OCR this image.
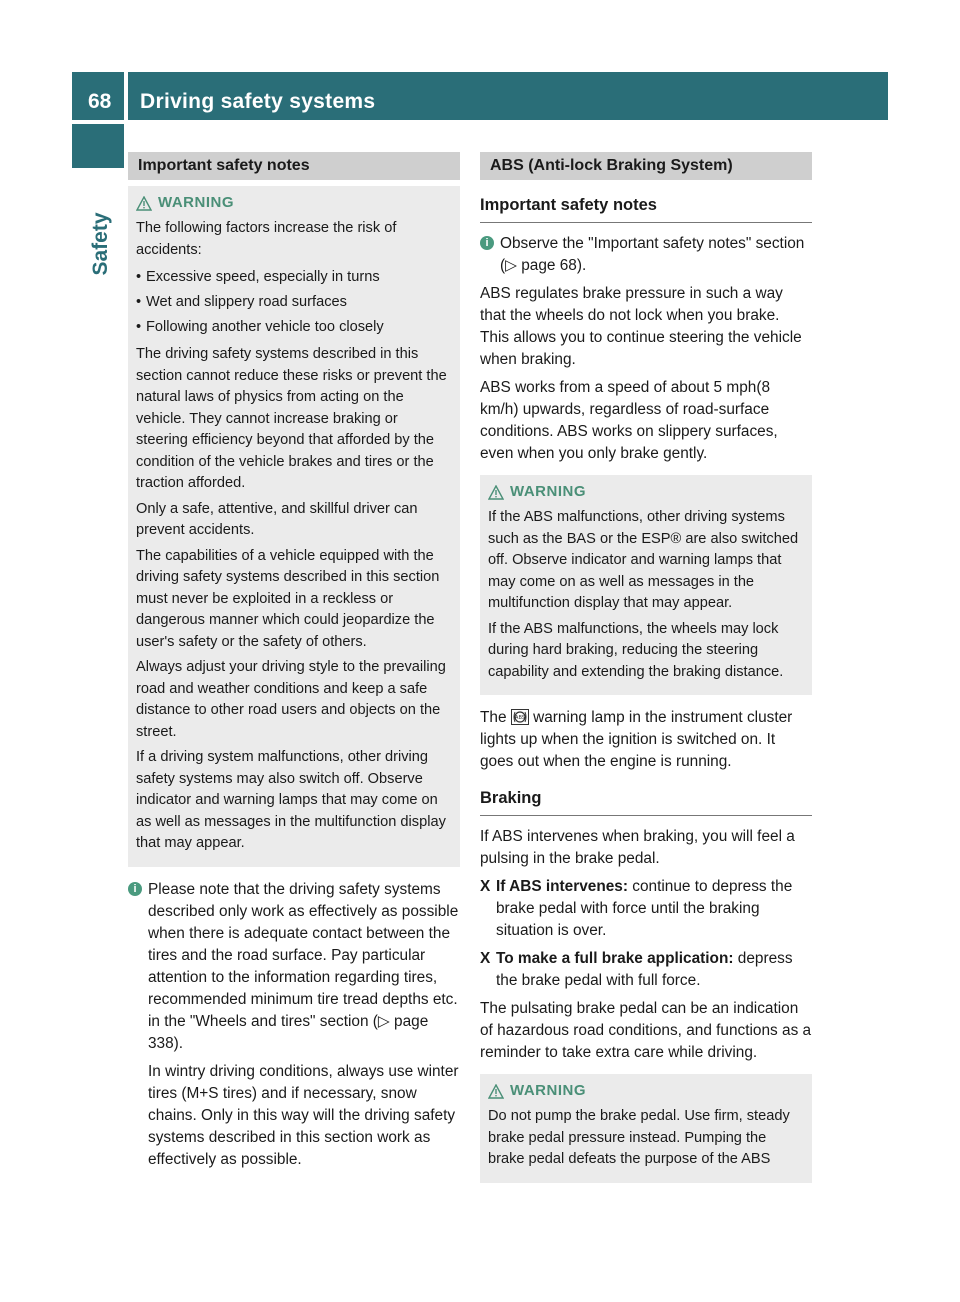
68 Driving safety systems
Safety
Important safety notes
WARNING

The following factors increase the risk of accidents:

• Excessive speed, especially in turns
• Wet and slippery road surfaces
• Following another vehicle too closely

The driving safety systems described in this section cannot reduce these risks or prevent the natural laws of physics from acting on the vehicle. They cannot increase braking or steering efficiency beyond that afforded by the condition of the vehicle brakes and tires or the traction afforded.

Only a safe, attentive, and skillful driver can prevent accidents.

The capabilities of a vehicle equipped with the driving safety systems described in this section must never be exploited in a reckless or dangerous manner which could jeopardize the user's safety or the safety of others.

Always adjust your driving style to the prevailing road and weather conditions and keep a safe distance to other road users and objects on the street.

If a driving system malfunctions, other driving safety systems may also switch off. Observe indicator and warning lamps that may come on as well as messages in the multifunction display that may appear.

i Please note that the driving safety systems described only work as effectively as possible when there is adequate contact between the tires and the road surface. Pay particular attention to the information regarding tires, recommended minimum tire tread depths etc. in the "Wheels and tires" section (▷ page 338).

In wintry driving conditions, always use winter tires (M+S tires) and if necessary, snow chains. Only in this way will the driving safety systems described in this section work as effectively as possible.

ABS (Anti-lock Braking System)
Important safety notes
i Observe the "Important safety notes" section (▷ page 68).

ABS regulates brake pressure in such a way that the wheels do not lock when you brake. This allows you to continue steering the vehicle when braking.

ABS works from a speed of about 5 mph(8 km/h) upwards, regardless of road-surface conditions. ABS works on slippery surfaces, even when you only brake gently.

WARNING

If the ABS malfunctions, other driving systems such as the BAS or the ESP® are also switched off. Observe indicator and warning lamps that may come on as well as messages in the multifunction display that may appear.

If the ABS malfunctions, the wheels may lock during hard braking, reducing the steering capability and extending the braking distance.

The ABS warning lamp in the instrument cluster lights up when the ignition is switched on. It goes out when the engine is running.

Braking

If ABS intervenes when braking, you will feel a pulsing in the brake pedal.

X If ABS intervenes: continue to depress the brake pedal with force until the braking situation is over.
X To make a full brake application: depress the brake pedal with full force.

The pulsating brake pedal can be an indication of hazardous road conditions, and functions as a reminder to take extra care while driving.

WARNING

Do not pump the brake pedal. Use firm, steady brake pedal pressure instead. Pumping the brake pedal defeats the purpose of the ABS
